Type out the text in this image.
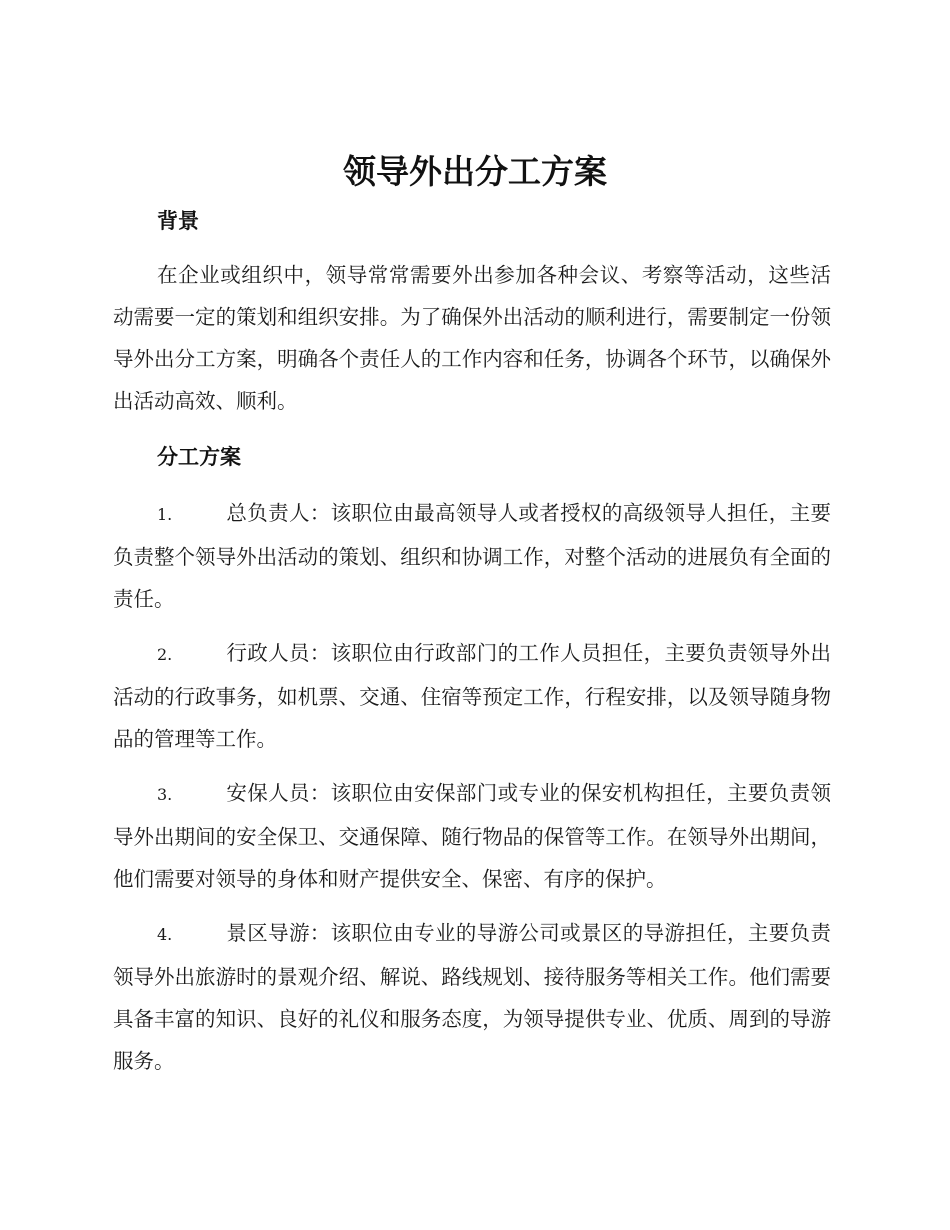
领导外出分工方案
背景

在企业或组织中，领导常常需要外出参加各种会议、考察等活动，这些活动需要一定的策划和组织安排。为了确保外出活动的顺利进行，需要制定一份领导外出分工方案，明确各个责任人的工作内容和任务，协调各个环节，以确保外出活动高效、顺利。

分工方案

1.	总负责人：该职位由最高领导人或者授权的高级领导人担任，主要负责整个领导外出活动的策划、组织和协调工作，对整个活动的进展负有全面的责任。

2.	行政人员：该职位由行政部门的工作人员担任，主要负责领导外出活动的行政事务，如机票、交通、住宿等预定工作，行程安排，以及领导随身物品的管理等工作。

3.	安保人员：该职位由安保部门或专业的保安机构担任，主要负责领导外出期间的安全保卫、交通保障、随行物品的保管等工作。在领导外出期间，他们需要对领导的身体和财产提供安全、保密、有序的保护。

4.	景区导游：该职位由专业的导游公司或景区的导游担任，主要负责领导外出旅游时的景观介绍、解说、路线规划、接待服务等相关工作。他们需要具备丰富的知识、良好的礼仪和服务态度，为领导提供专业、优质、周到的导游服务。
